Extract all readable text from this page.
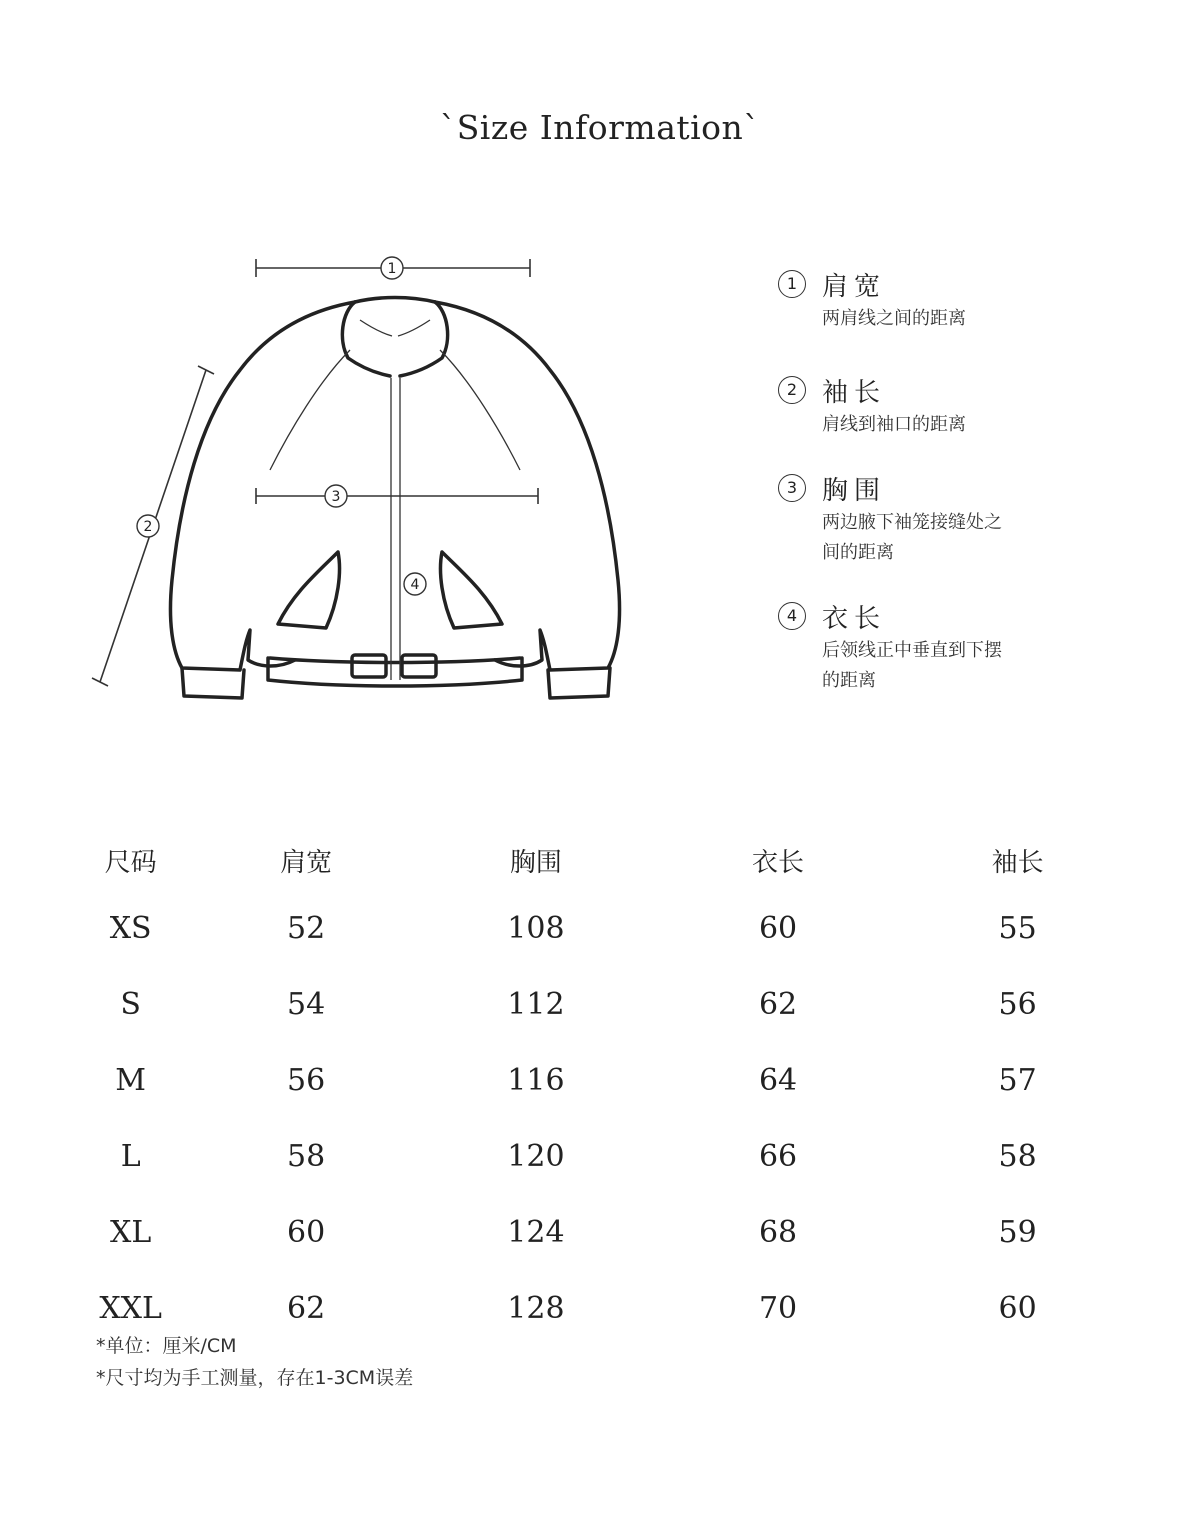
`Size Information`
1
2
3
4
1 肩宽
两肩线之间的距离
2 袖长
肩线到袖口的距离
3 胸围
两边腋下袖笼接缝处之间的距离
4 衣长
后领线正中垂直到下摆的距离
尺码	肩宽	胸围	衣长	袖长
XS	52	108	60	55
S	54	112	62	56
M	56	116	64	57
L	58	120	66	58
XL	60	124	68	59
XXL	62	128	70	60
*单位：厘米/CM
*尺寸均为手工测量，存在1-3CM误差
